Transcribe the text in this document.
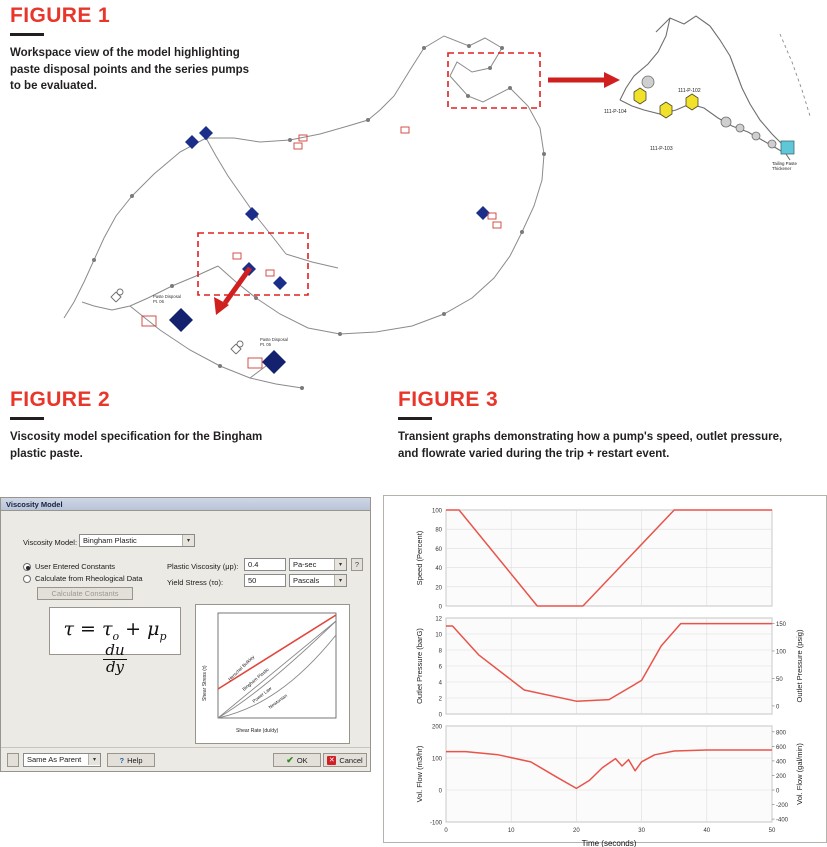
FIGURE 1
Workspace view of the model highlighting paste disposal points and the series pumps to be evaluated.
Paste Disposal
Pt. 06
Paste Disposal
Pt. 05
111-P-104
111-P-102
111-P-103
Tailing Paste
Thickener
FIGURE 2
Viscosity model specification for the Bingham plastic paste.
Viscosity Model
Viscosity Model: Bingham Plastic	▾
User Entered Constants
Calculate from Rheological Data
Calculate Constants
Plastic Viscosity (μp):	0.4	Pa-sec	▾	?
Yield Stress (τo):	50	Pascals	▾
$\tau = \tau_o + \mu_p$
$\frac{du}{dy}$
Shear Stress (τ)
Shear Rate (du/dy)
Herschel Bulkley
Bingham Plastic
Power Law
Newtonian
Same As Parent	▾	? Help	✔ OK	✕ Cancel
FIGURE 3
Transient graphs demonstrating how a pump's speed, outlet pressure, and flowrate varied during the trip + restart event.
0
20
40
60
80
100
Speed (Percent)
0
2
4
6
8
10
12
0
50
100
150
Outlet Pressure (psig)
Outlet Pressure (barG)
-100
0
100
200
-400
-200
0
200
400
600
800
Vol. Flow (gal/min)
0	10	20	30	40	50
Time (seconds)
Vol. Flow (m3/hr)
